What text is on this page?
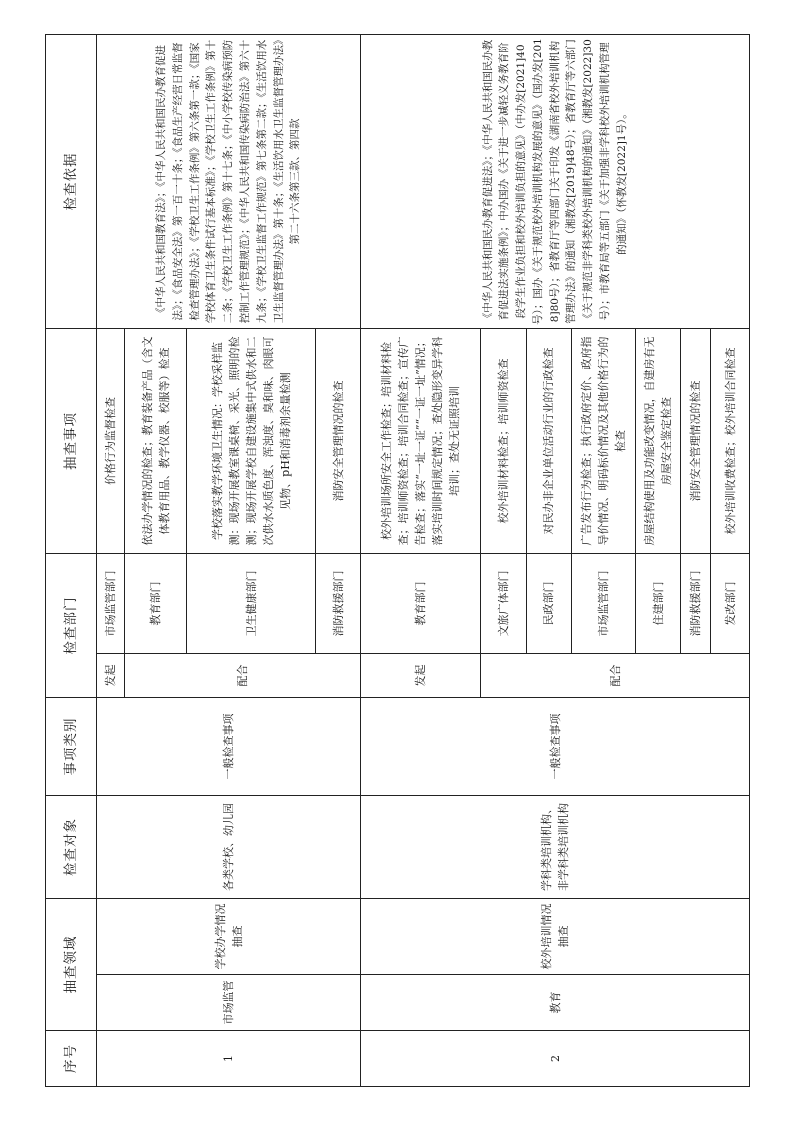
序号	抽查领域		检查对象	事项类别	检查部门		抽查事项	检查依据
1	市场监管	学校办学情况抽查	各类学校、幼儿园	一般检查事项	发起	市场监管部门	价格行为监督检查	《中华人民共和国教育法》；《中华人民共和国民办教育促进法》；《食品安全法》第一百一十条；《食品生产经营日常监督检查管理办法》；《学校卫生工作条例》第六条第一款；《国家学校体育卫生条件试行基本标准》；《学校卫生工作条例》第十二条；《学校卫生工作条例》第十七条；《中小学校传染病预防控制工作管理规范》；《中华人民共和国传染病防治法》第六十九条；《学校卫生监督工作规范》第七条第二款；《生活饮用水卫生监督管理办法》第十条；《生活饮用水卫生监督管理办法》第二十六条第三款、第四款
					配合	教育部门	依法办学情况的检查；教育装备产品（含文体教育用品、教学仪器、校服等）检查	
						卫生健康部门	学校落实教学环境卫生情况：学校采样监测：现场开展教室课桌椅、采光、照明的检测；现场开展学校自建设施集中式供水和二次供水水质色度、浑浊度、臭和味、肉眼可见物、pH和消毒剂余量检测	
						消防救援部门	消防安全管理情况的检查	
2	教育	校外培训情况抽查	学科类培训机构、非学科类培训机构	一般检查事项	发起	教育部门	校外培训场所安全工作检查；培训材料检查；培训师资检查；培训合同检查；宣传广告检查；落实“一址一证”“一证一址”情况；落实培训时间规定情况；查处隐形变异学科培训；查处无证照培训	《中华人民共和国民办教育促进法》；《中华人民共和国民办教育促进法实施条例》；中办国办《关于进一步减轻义务教育阶段学生作业负担和校外培训负担的意见》（中办发[2021]40号）；国办《关于规范校外培训机构发展的意见》（国办发[2018]80号）；省教育厅等四部门关于印发《湖南省校外培训机构管理办法》的通知（湘教发[2019]48号）；省教育厅等六部门《关于规范非学科类校外培训机构的通知》（湘教发[2022]30号）；市教育局等五部门《关于加强非学科校外培训机构管理的通知》（怀教发[2022]1号）。
					配合	文旅广体部门	校外培训材料检查；培训师资检查	
						民政部门	对民办非企业单位活动行业的行政检查	
						市场监管部门	广告发布行为检查；执行政府定价、政府指导价情况、明码标价情况及其他价格行为的检查	
						住建部门	房屋结构使用及功能改变情况，自建房有无房屋安全鉴定检查	
						消防救援部门	消防安全管理情况的检查	
						发改部门	校外培训收费检查；校外培训合同检查	
